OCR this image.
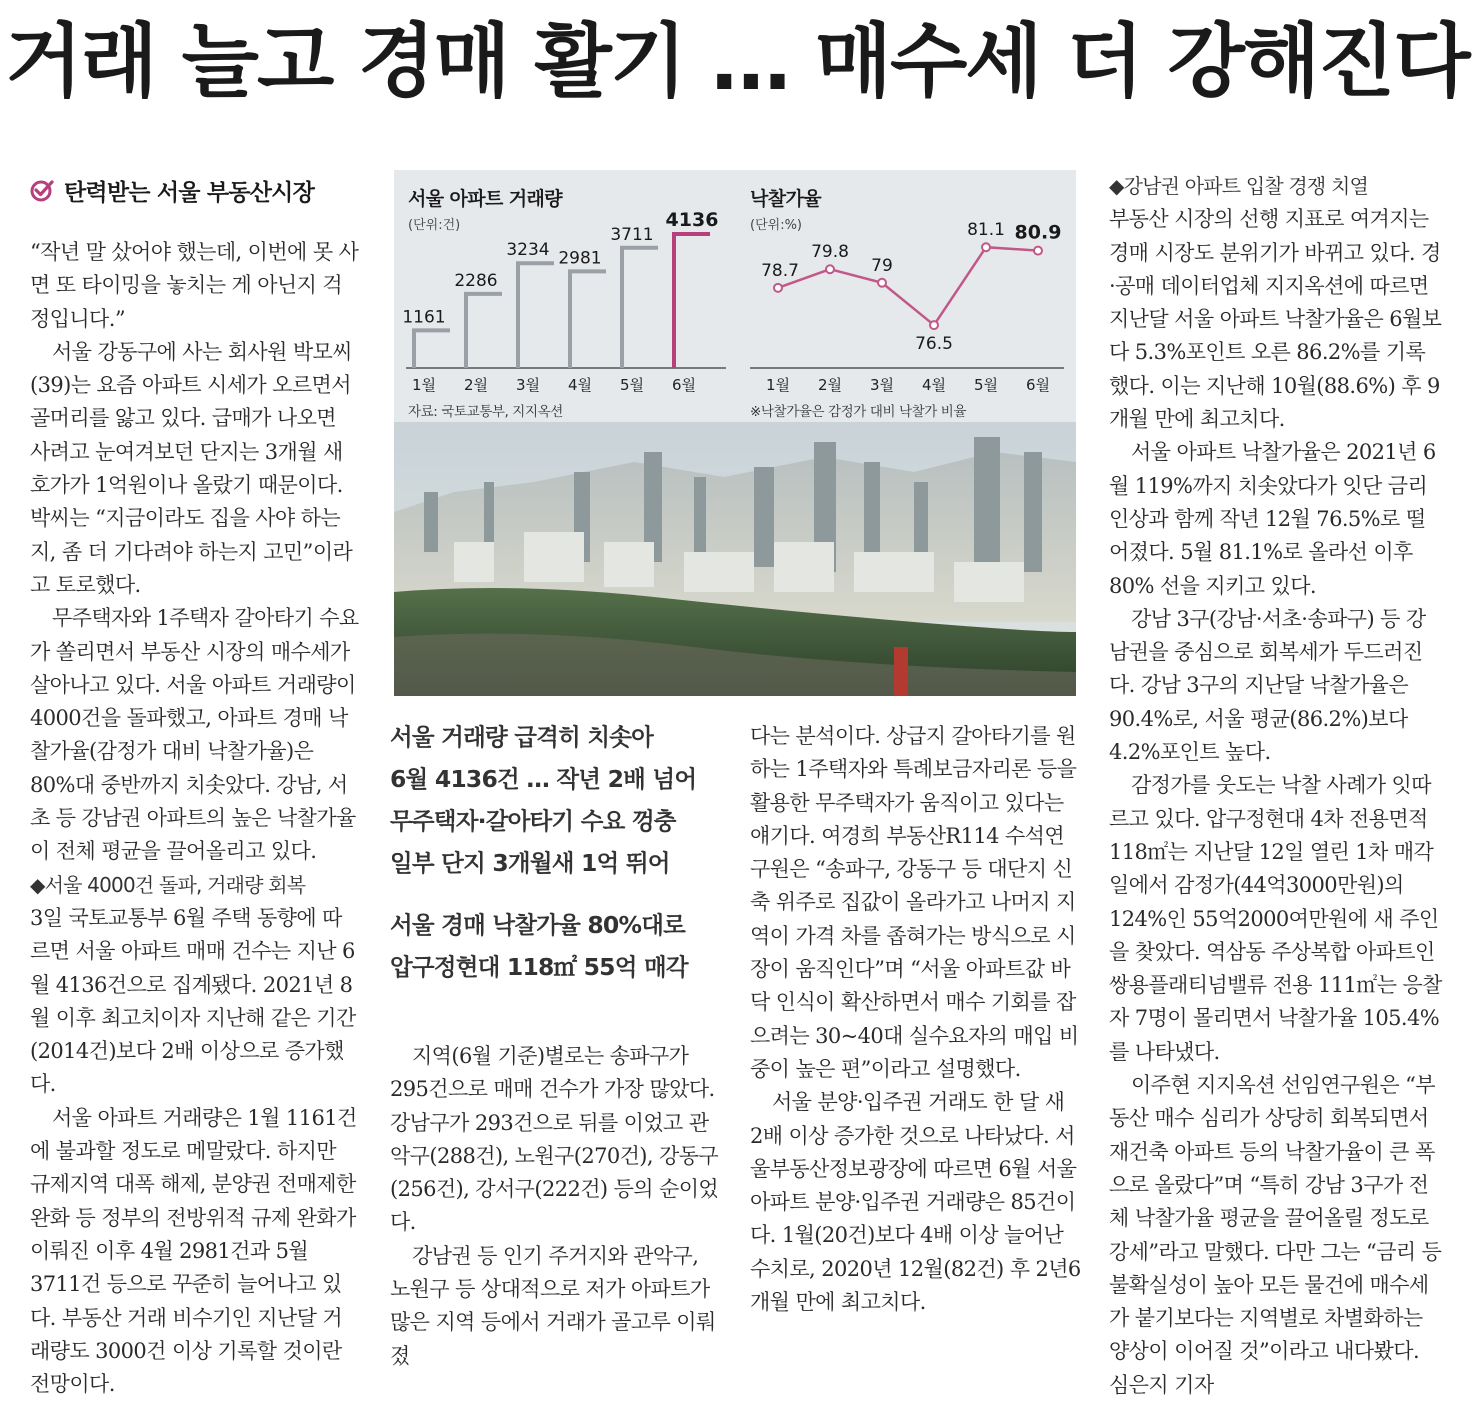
거래 늘고 경매 활기 … 매수세 더 강해진다
탄력받는 서울 부동산시장

“작년 말 샀어야 했는데, 이번에 못 사면 또 타이밍을 놓치는 게 아닌지 걱정입니다.”

서울 강동구에 사는 회사원 박모씨(39)는 요즘 아파트 시세가 오르면서 골머리를 앓고 있다. 급매가 나오면 사려고 눈여겨보던 단지는 3개월 새 호가가 1억원이나 올랐기 때문이다. 박씨는 “지금이라도 집을 사야 하는지, 좀 더 기다려야 하는지 고민”이라고 토로했다.

무주택자와 1주택자 갈아타기 수요가 쏠리면서 부동산 시장의 매수세가 살아나고 있다. 서울 아파트 거래량이 4000건을 돌파했고, 아파트 경매 낙찰가율(감정가 대비 낙찰가율)은 80%대 중반까지 치솟았다. 강남, 서초 등 강남권 아파트의 높은 낙찰가율이 전체 평균을 끌어올리고 있다.

◆서울 4000건 돌파, 거래량 회복

3일 국토교통부 6월 주택 동향에 따르면 서울 아파트 매매 건수는 지난 6월 4136건으로 집계됐다. 2021년 8월 이후 최고치이자 지난해 같은 기간(2014건)보다 2배 이상으로 증가했다.

서울 아파트 거래량은 1월 1161건에 불과할 정도로 메말랐다. 하지만 규제지역 대폭 해제, 분양권 전매제한 완화 등 정부의 전방위적 규제 완화가 이뤄진 이후 4월 2981건과 5월 3711건 등으로 꾸준히 늘어나고 있다. 부동산 거래 비수기인 지난달 거래량도 3000건 이상 기록할 것이란 전망이다.

서울 아파트 거래량
(단위:건)
낙찰가율
(단위:%)
1161
1월
2286
2월
3234
3월
2981
4월
3711
5월
4136
6월
78.7
1월
79.8
2월
79
3월
76.5
4월
81.1
5월
80.9
6월
자료: 국토교통부, 지지옥션	※낙찰가율은 감정가 대비 낙찰가 비율
서울 거래량 급격히 치솟아
6월 4136건 … 작년 2배 넘어
무주택자·갈아타기 수요 껑충
일부 단지 3개월새 1억 뛰어
서울 경매 낙찰가율 80%대로
압구정현대 118㎡ 55억 매각

지역(6월 기준)별로는 송파구가 295건으로 매매 건수가 가장 많았다. 강남구가 293건으로 뒤를 이었고 관악구(288건), 노원구(270건), 강동구(256건), 강서구(222건) 등의 순이었다.

강남권 등 인기 주거지와 관악구, 노원구 등 상대적으로 저가 아파트가 많은 지역 등에서 거래가 골고루 이뤄졌

다는 분석이다. 상급지 갈아타기를 원하는 1주택자와 특례보금자리론 등을 활용한 무주택자가 움직이고 있다는 얘기다. 여경희 부동산R114 수석연구원은 “송파구, 강동구 등 대단지 신축 위주로 집값이 올라가고 나머지 지역이 가격 차를 좁혀가는 방식으로 시장이 움직인다”며 “서울 아파트값 바닥 인식이 확산하면서 매수 기회를 잡으려는 30~40대 실수요자의 매입 비중이 높은 편”이라고 설명했다.

서울 분양·입주권 거래도 한 달 새 2배 이상 증가한 것으로 나타났다. 서울부동산정보광장에 따르면 6월 서울 아파트 분양·입주권 거래량은 85건이다. 1월(20건)보다 4배 이상 늘어난 수치로, 2020년 12월(82건) 후 2년6개월 만에 최고치다.

◆강남권 아파트 입찰 경쟁 치열

부동산 시장의 선행 지표로 여겨지는 경매 시장도 분위기가 바뀌고 있다. 경·공매 데이터업체 지지옥션에 따르면 지난달 서울 아파트 낙찰가율은 6월보다 5.3%포인트 오른 86.2%를 기록했다. 이는 지난해 10월(88.6%) 후 9개월 만에 최고치다.

서울 아파트 낙찰가율은 2021년 6월 119%까지 치솟았다가 잇단 금리 인상과 함께 작년 12월 76.5%로 떨어졌다. 5월 81.1%로 올라선 이후 80% 선을 지키고 있다.

강남 3구(강남·서초·송파구) 등 강남권을 중심으로 회복세가 두드러진다. 강남 3구의 지난달 낙찰가율은 90.4%로, 서울 평균(86.2%)보다 4.2%포인트 높다.

감정가를 웃도는 낙찰 사례가 잇따르고 있다. 압구정현대 4차 전용면적 118㎡는 지난달 12일 열린 1차 매각일에서 감정가(44억3000만원)의 124%인 55억2000여만원에 새 주인을 찾았다. 역삼동 주상복합 아파트인 쌍용플래티넘밸류 전용 111㎡는 응찰자 7명이 몰리면서 낙찰가율 105.4%를 나타냈다.

이주현 지지옥션 선임연구원은 “부동산 매수 심리가 상당히 회복되면서 재건축 아파트 등의 낙찰가율이 큰 폭으로 올랐다”며 “특히 강남 3구가 전체 낙찰가율 평균을 끌어올릴 정도로 강세”라고 말했다. 다만 그는 “금리 등 불확실성이 높아 모든 물건에 매수세가 붙기보다는 지역별로 차별화하는 양상이 이어질 것”이라고 내다봤다. 심은지 기자
